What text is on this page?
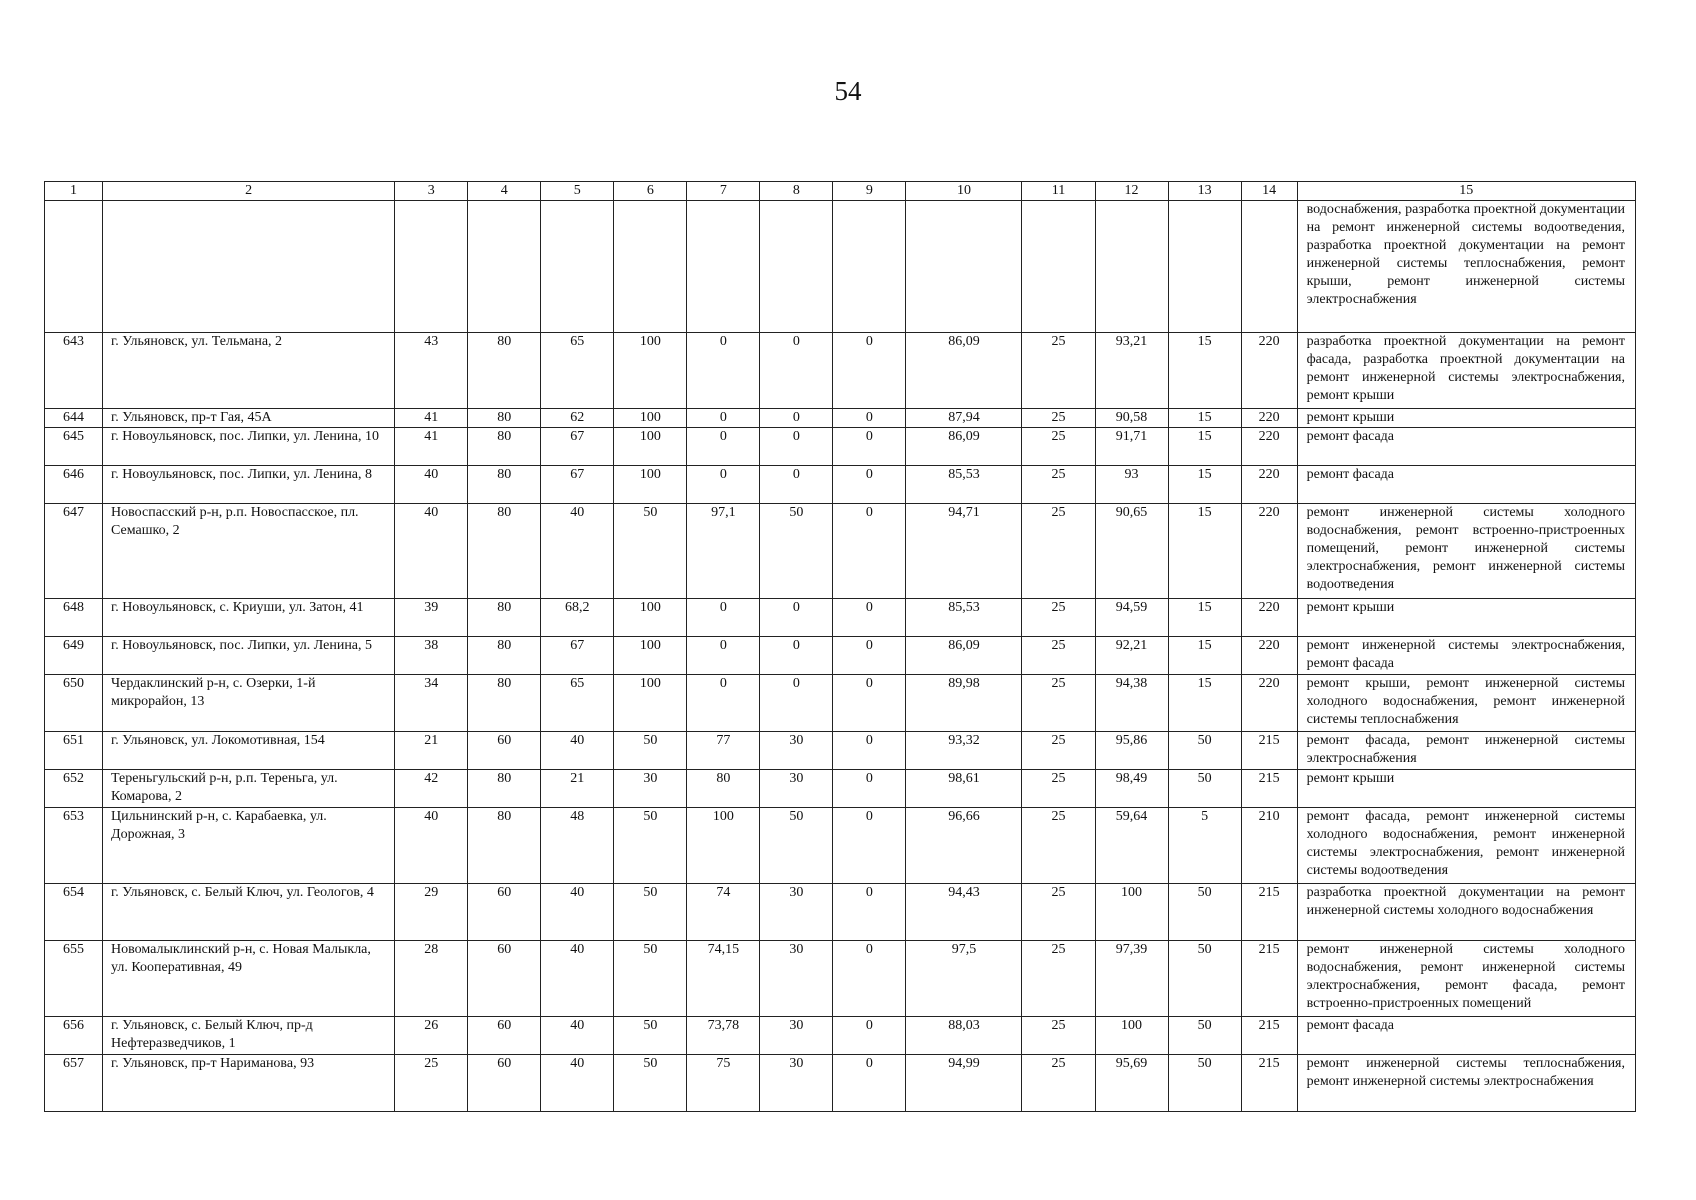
54
1	2	3	4	5	6	7	8	9	10	11	12	13	14	15
														водоснабжения, разработка проектной документации на ремонт инженерной системы водоотведения, разработка проектной документации на ремонт инженерной системы теплоснабжения, ремонт крыши, ремонт инженерной системы электроснабжения
643	г. Ульяновск, ул. Тельмана, 2	43	80	65	100	0	0	0	86,09	25	93,21	15	220	разработка проектной документации на ремонт фасада, разработка проектной документации на ремонт инженерной системы электроснабжения, ремонт крыши
644	г. Ульяновск, пр-т Гая, 45А	41	80	62	100	0	0	0	87,94	25	90,58	15	220	ремонт крыши
645	г. Новоульяновск, пос. Липки, ул. Ленина, 10	41	80	67	100	0	0	0	86,09	25	91,71	15	220	ремонт фасада
646	г. Новоульяновск, пос. Липки, ул. Ленина, 8	40	80	67	100	0	0	0	85,53	25	93	15	220	ремонт фасада
647	Новоспасский р-н, р.п. Новоспасское, пл. Семашко, 2	40	80	40	50	97,1	50	0	94,71	25	90,65	15	220	ремонт инженерной системы холодного водоснабжения, ремонт встроенно-пристроенных помещений, ремонт инженерной системы электроснабжения, ремонт инженерной системы водоотведения
648	г. Новоульяновск, с. Криуши, ул. Затон, 41	39	80	68,2	100	0	0	0	85,53	25	94,59	15	220	ремонт крыши
649	г. Новоульяновск, пос. Липки, ул. Ленина, 5	38	80	67	100	0	0	0	86,09	25	92,21	15	220	ремонт инженерной системы электроснабжения, ремонт фасада
650	Чердаклинский р-н, с. Озерки, 1-й микрорайон, 13	34	80	65	100	0	0	0	89,98	25	94,38	15	220	ремонт крыши, ремонт инженерной системы холодного водоснабжения, ремонт инженерной системы теплоснабжения
651	г. Ульяновск, ул. Локомотивная, 154	21	60	40	50	77	30	0	93,32	25	95,86	50	215	ремонт фасада, ремонт инженерной системы электроснабжения
652	Тереньгульский р-н, р.п. Тереньга, ул. Комарова, 2	42	80	21	30	80	30	0	98,61	25	98,49	50	215	ремонт крыши
653	Цильнинский р-н, с. Карабаевка, ул. Дорожная, 3	40	80	48	50	100	50	0	96,66	25	59,64	5	210	ремонт фасада, ремонт инженерной системы холодного водоснабжения, ремонт инженерной системы электроснабжения, ремонт инженерной системы водоотведения
654	г. Ульяновск, с. Белый Ключ, ул. Геологов, 4	29	60	40	50	74	30	0	94,43	25	100	50	215	разработка проектной документации на ремонт инженерной системы холодного водоснабжения
655	Новомалыклинский р-н, с. Новая Малыкла, ул. Кооперативная, 49	28	60	40	50	74,15	30	0	97,5	25	97,39	50	215	ремонт инженерной системы холодного водоснабжения, ремонт инженерной системы электроснабжения, ремонт фасада, ремонт встроенно-пристроенных помещений
656	г. Ульяновск, с. Белый Ключ, пр-д Нефтеразведчиков, 1	26	60	40	50	73,78	30	0	88,03	25	100	50	215	ремонт фасада
657	г. Ульяновск, пр-т Нариманова, 93	25	60	40	50	75	30	0	94,99	25	95,69	50	215	ремонт инженерной системы теплоснабжения, ремонт инженерной системы электроснабжения
